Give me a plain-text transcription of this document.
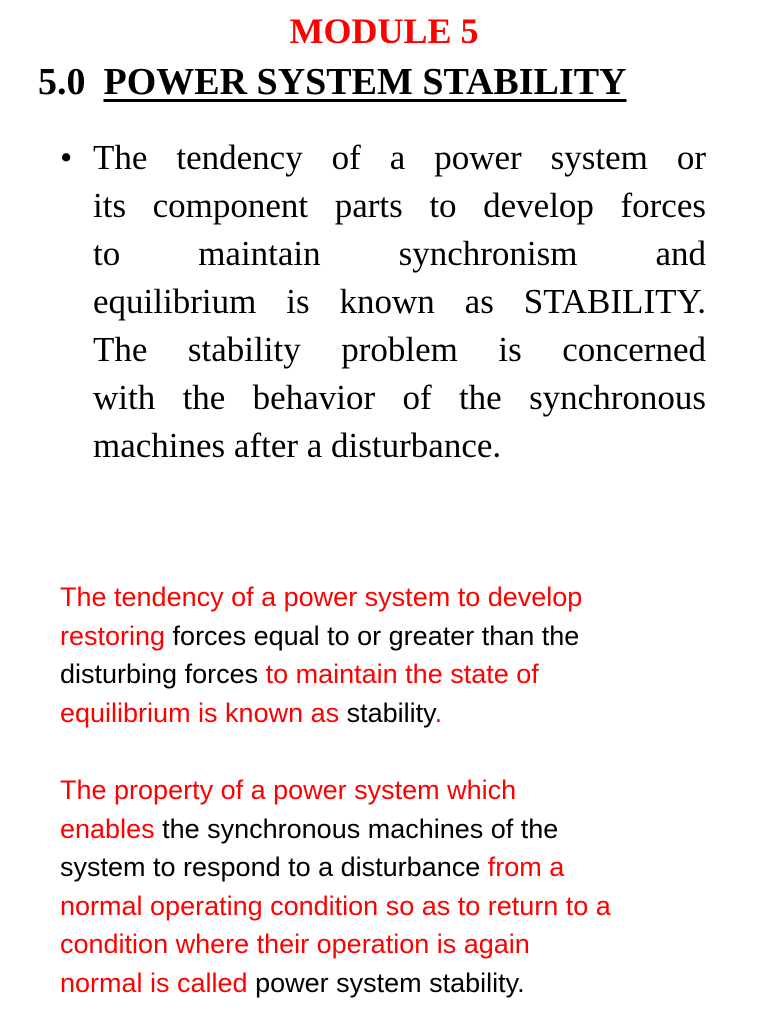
MODULE 5
5.0 POWER SYSTEM STABILITY
• The tendency of a power system or
its component parts to develop forces
to maintain synchronism and
equilibrium is known as STABILITY.
The stability problem is concerned
with the behavior of the synchronous
machines after a disturbance.
The tendency of a power system to develop
restoring forces equal to or greater than the
disturbing forces to maintain the state of
equilibrium is known as stability.
The property of a power system which
enables the synchronous machines of the
system to respond to a disturbance from a
normal operating condition so as to return to a
condition where their operation is again
normal is called power system stability.
